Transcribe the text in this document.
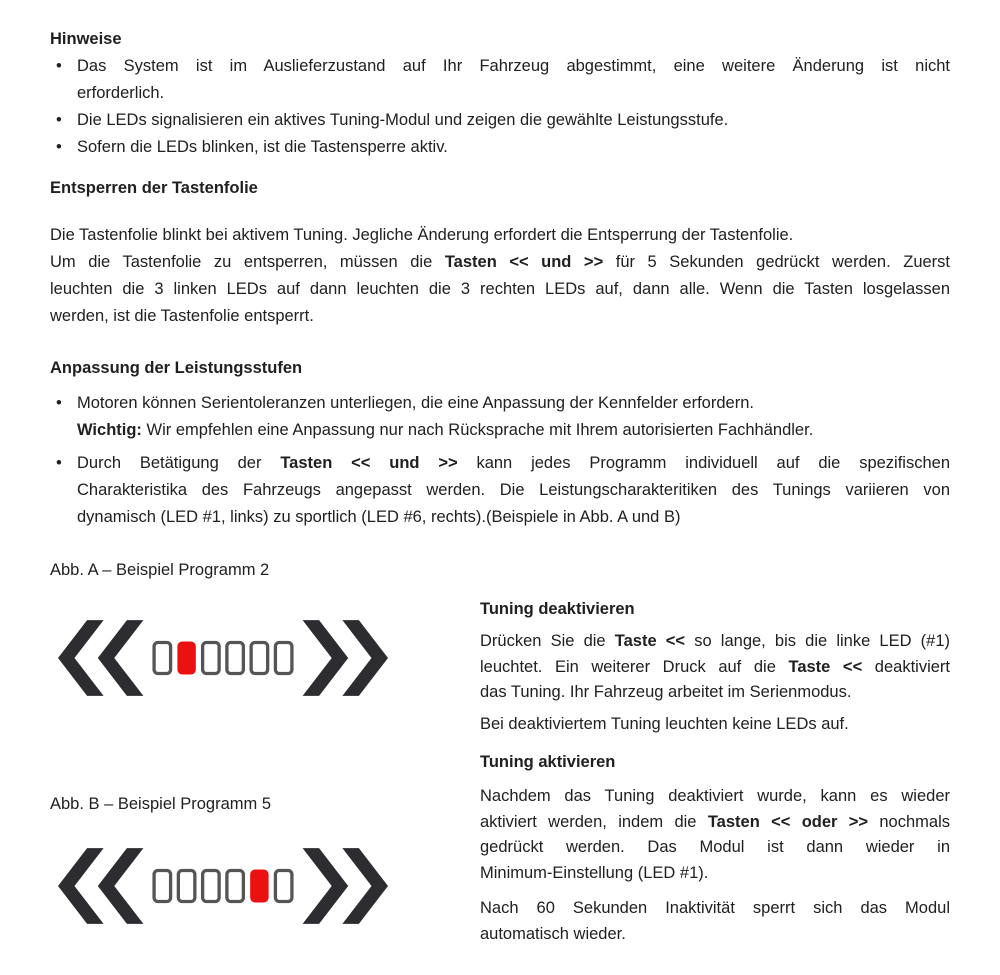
Hinweise
• Das System ist im Auslieferzustand auf Ihr Fahrzeug abgestimmt, eine weitere Änderung ist nicht
erforderlich.
• Die LEDs signalisieren ein aktives Tuning-Modul und zeigen die gewählte Leistungsstufe.
• Sofern die LEDs blinken, ist die Tastensperre aktiv.
Entsperren der Tastenfolie

Die Tastenfolie blinkt bei aktivem Tuning. Jegliche Änderung erfordert die Entsperrung der Tastenfolie.

Um die Tastenfolie zu entsperren, müssen die Tasten << und >> für 5 Sekunden gedrückt werden. Zuerst
leuchten die 3 linken LEDs auf dann leuchten die 3 rechten LEDs auf, dann alle. Wenn die Tasten losgelassen
werden, ist die Tastenfolie entsperrt.

Anpassung der Leistungsstufen
• Motoren können Serientoleranzen unterliegen, die eine Anpassung der Kennfelder erfordern.
Wichtig: Wir empfehlen eine Anpassung nur nach Rücksprache mit Ihrem autorisierten Fachhändler.
• Durch Betätigung der Tasten << und >> kann jedes Programm individuell auf die spezifischen
Charakteristika des Fahrzeugs angepasst werden. Die Leistungscharakteritiken des Tunings variieren von
dynamisch (LED #1, links) zu sportlich (LED #6, rechts).(Beispiele in Abb. A und B)

Abb. A – Beispiel Programm 2

Abb. B – Beispiel Programm 5

Tuning deaktivieren

Drücken Sie die Taste << so lange, bis die linke LED (#1)
leuchtet. Ein weiterer Druck auf die Taste << deaktiviert
das Tuning. Ihr Fahrzeug arbeitet im Serienmodus.

Bei deaktiviertem Tuning leuchten keine LEDs auf.

Tuning aktivieren

Nachdem das Tuning deaktiviert wurde, kann es wieder
aktiviert werden, indem die Tasten << oder >> nochmals
gedrückt werden. Das Modul ist dann wieder in
Minimum-Einstellung (LED #1).

Nach 60 Sekunden Inaktivität sperrt sich das Modul
automatisch wieder.
